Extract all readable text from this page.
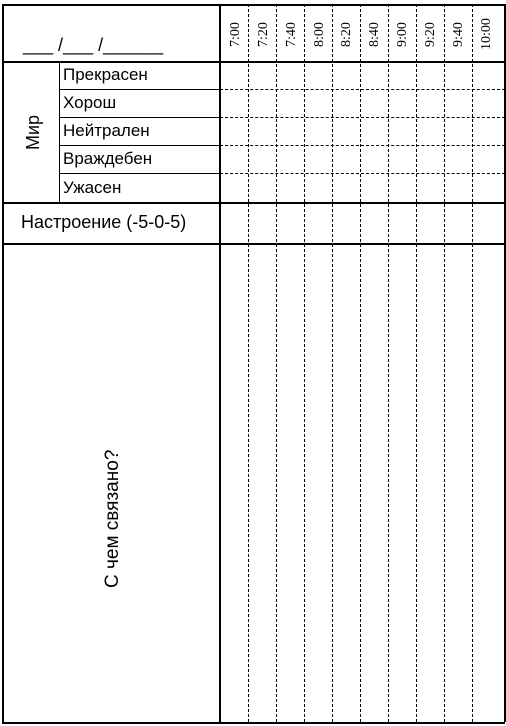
___ /___ /______	7:00 7:20 7:40 8:00 8:20 8:40 9:00 9:20 9:40 10:00
Мир
Прекрасен
Хорош
Нейтрален
Враждебен
Ужасен
Настроение (-5-0-5)
С чем связано?
